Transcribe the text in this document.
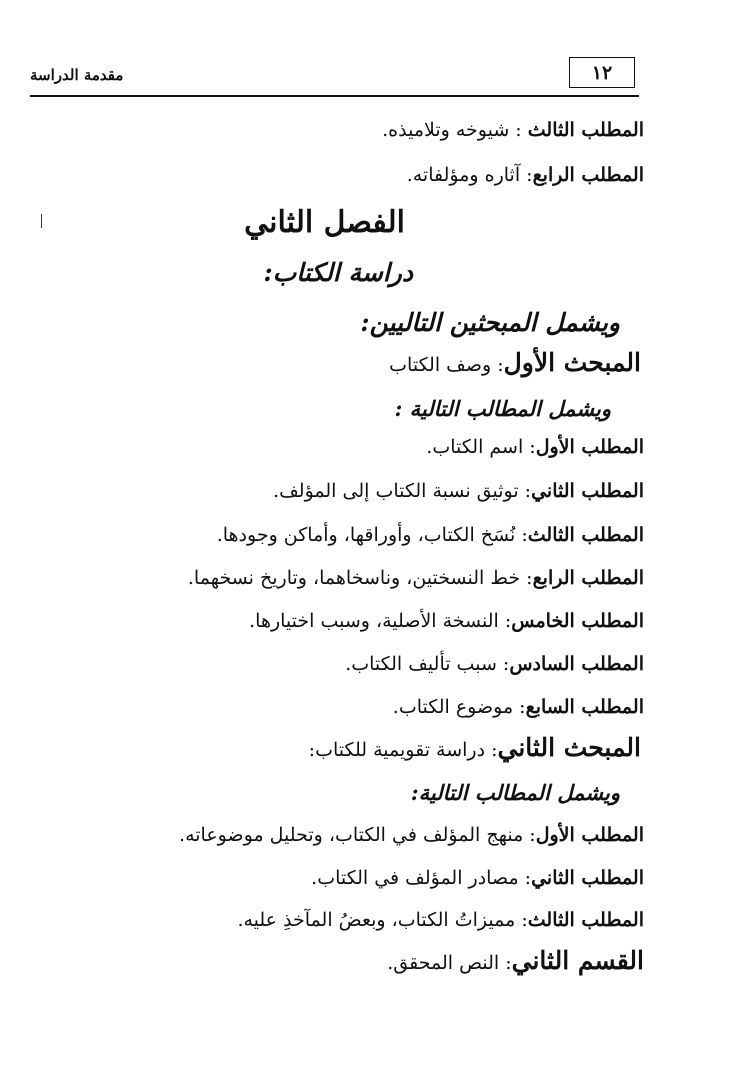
١٢
مقدمة الدراسة
المطلب الثالث : شيوخه وتلاميذه.
المطلب الرابع: آثاره ومؤلفاته.
الفصل الثاني
دراسة الكتاب:
ويشمل المبحثين التاليين:
المبحث الأول: وصف الكتاب
ويشمل المطالب التالية :
المطلب الأول: اسم الكتاب.
المطلب الثاني: توثيق نسبة الكتاب إلى المؤلف.
المطلب الثالث: نُسَخ الكتاب، وأوراقها، وأماكن وجودها.
المطلب الرابع: خط النسختين، وناسخاهما، وتاريخ نسخهما.
المطلب الخامس: النسخة الأصلية، وسبب اختيارها.
المطلب السادس: سبب تأليف الكتاب.
المطلب السابع: موضوع الكتاب.
المبحث الثاني: دراسة تقويمية للكتاب:
ويشمل المطالب التالية:
المطلب الأول: منهج المؤلف في الكتاب، وتحليل موضوعاته.
المطلب الثاني: مصادر المؤلف في الكتاب.
المطلب الثالث: مميزاتُ الكتاب، وبعضُ المآخذِ عليه.
القسم الثاني: النص المحقق.
